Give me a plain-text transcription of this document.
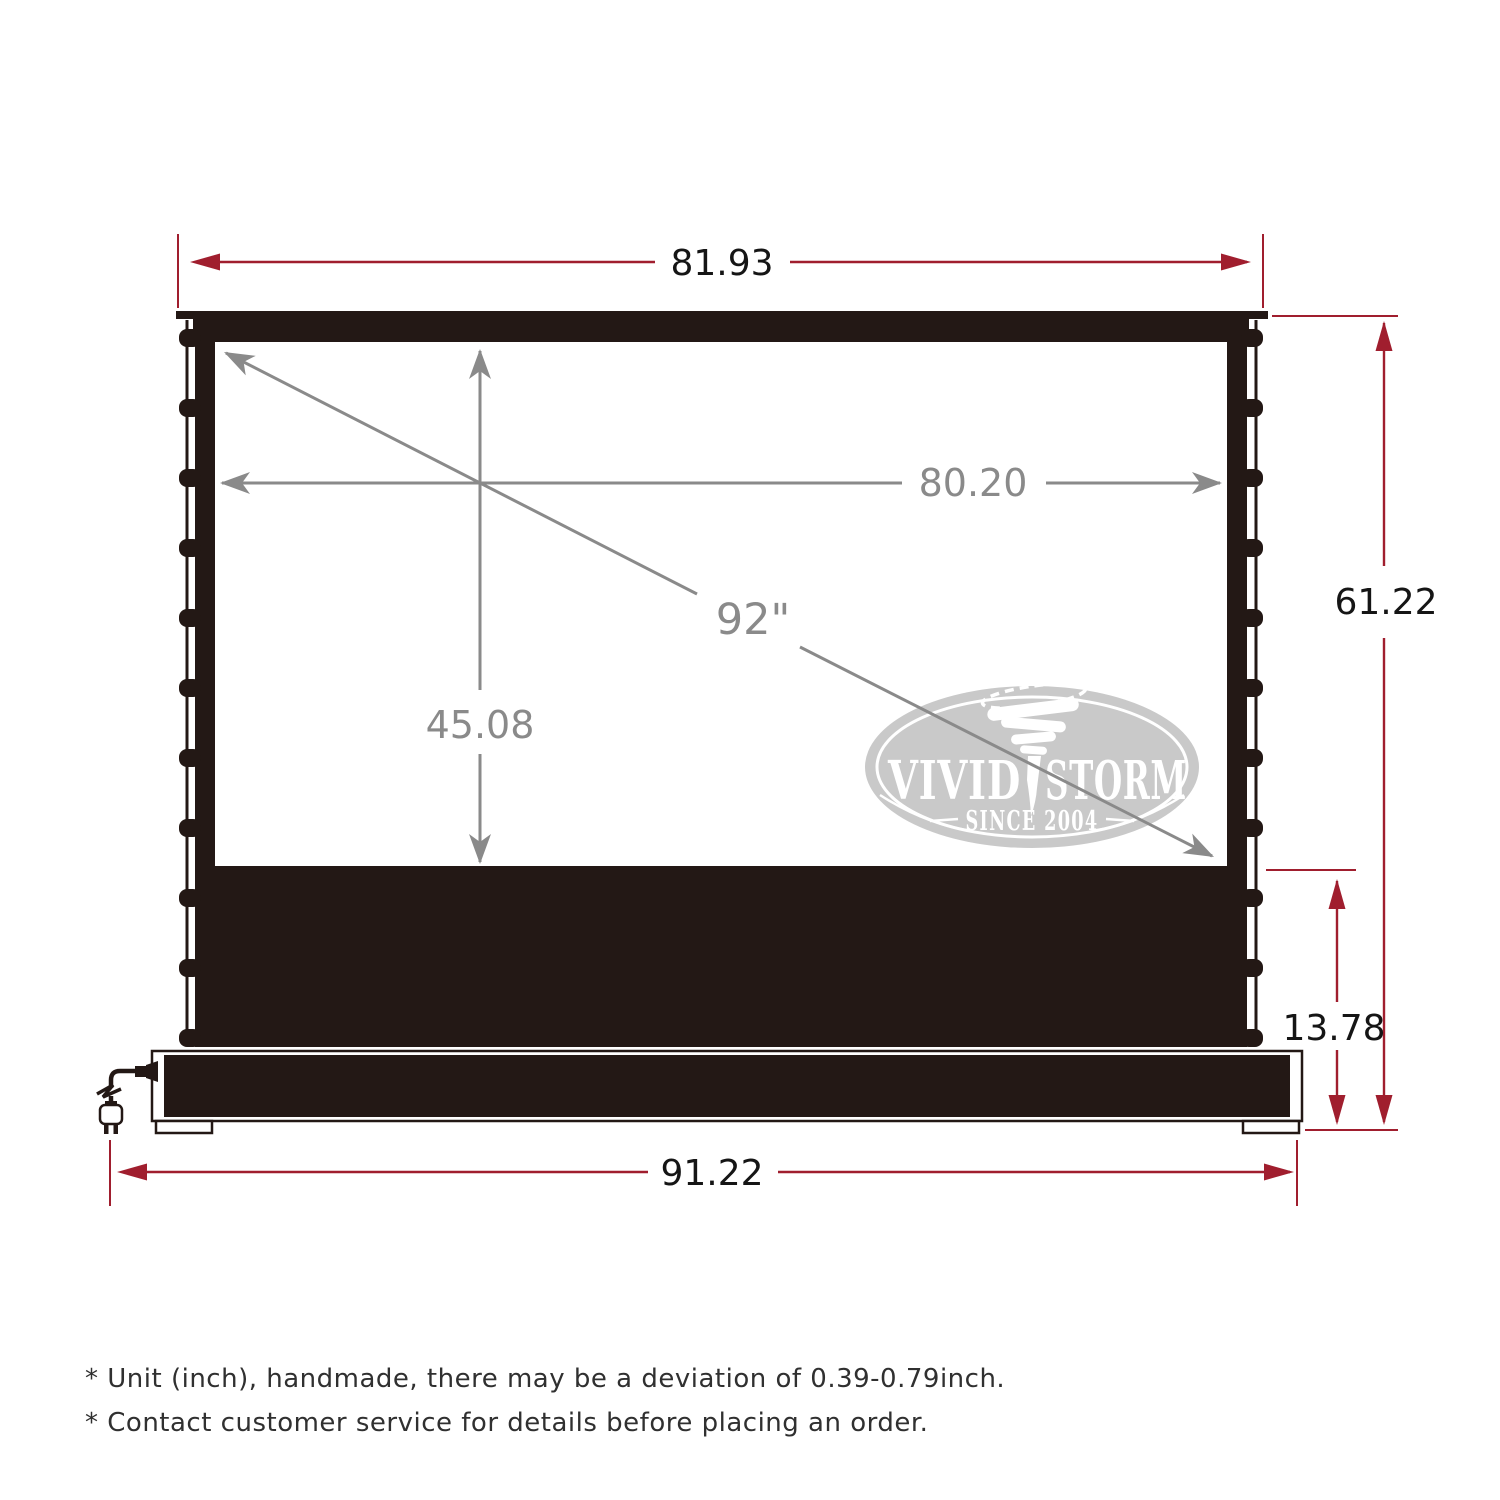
VIVID STORM
SINCE 2004
81.93
80.20
92"
45.08
61.22
13.78
91.22
* Unit (inch), handmade, there may be a deviation of 0.39-0.79inch.
* Contact customer service for details before placing an order.
